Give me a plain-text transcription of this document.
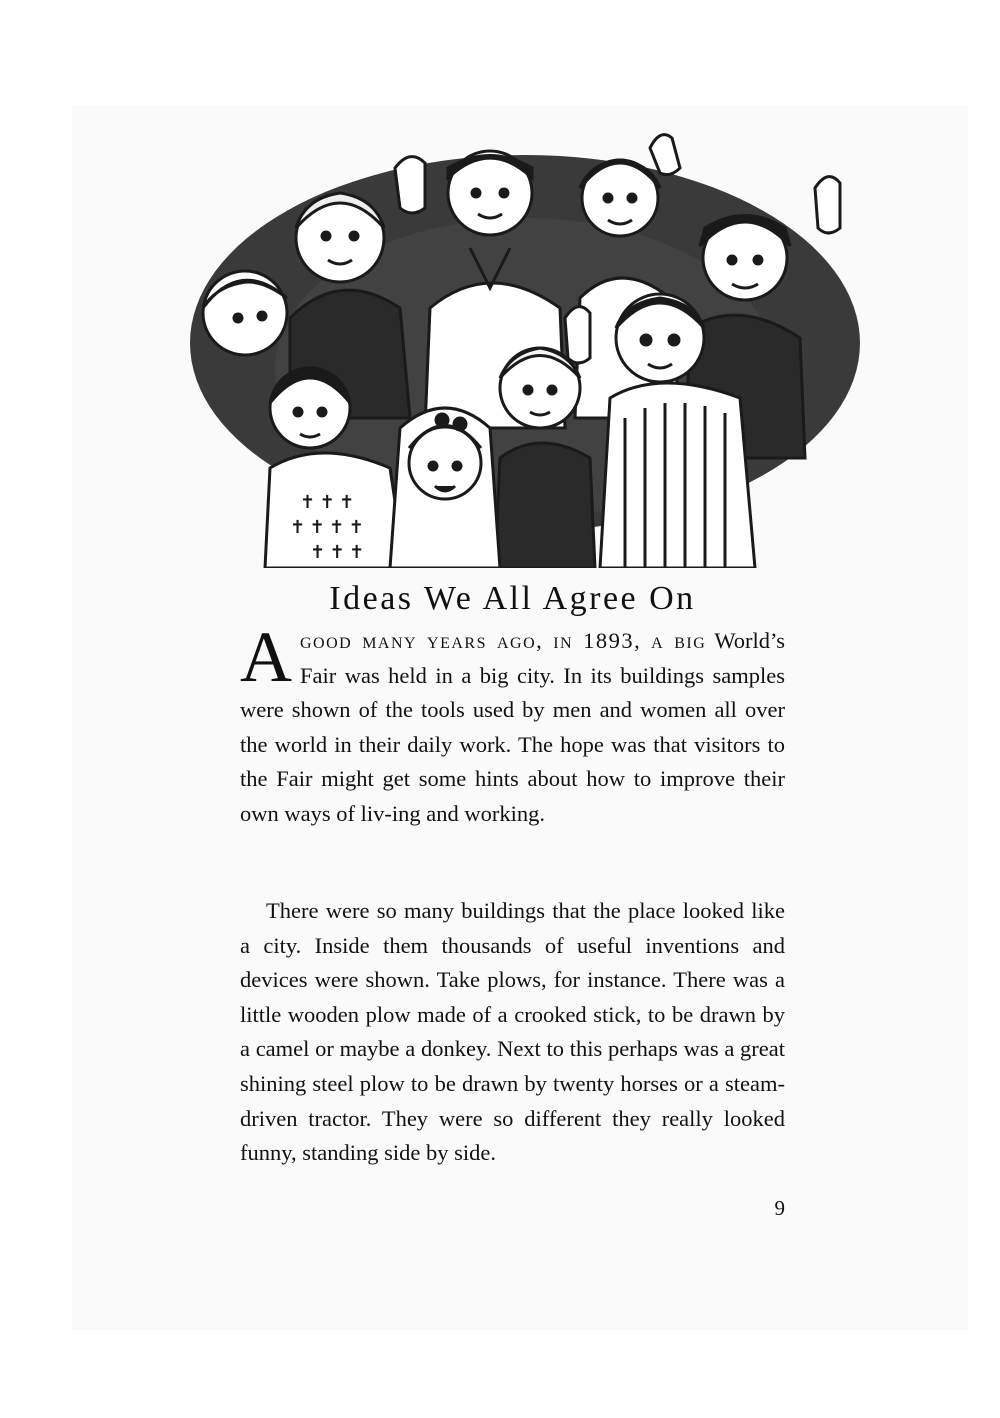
✝ ✝ ✝
✝ ✝ ✝ ✝
✝ ✝ ✝
Ideas We All Agree On

Agood many years ago, in 1893, a big World’s Fair was held in a big city. In its buildings samples were shown of the tools used by men and women all over the world in their daily work. The hope was that visitors to the Fair might get some hints about how to improve their own ways of liv-ing and working.

There were so many buildings that the place looked like a city. Inside them thousands of useful inventions and devices were shown. Take plows, for instance. There was a little wooden plow made of a crooked stick, to be drawn by a camel or maybe a donkey. Next to this perhaps was a great shining steel plow to be drawn by twenty horses or a steam-driven tractor. They were so different they really looked funny, standing side by side.

9
